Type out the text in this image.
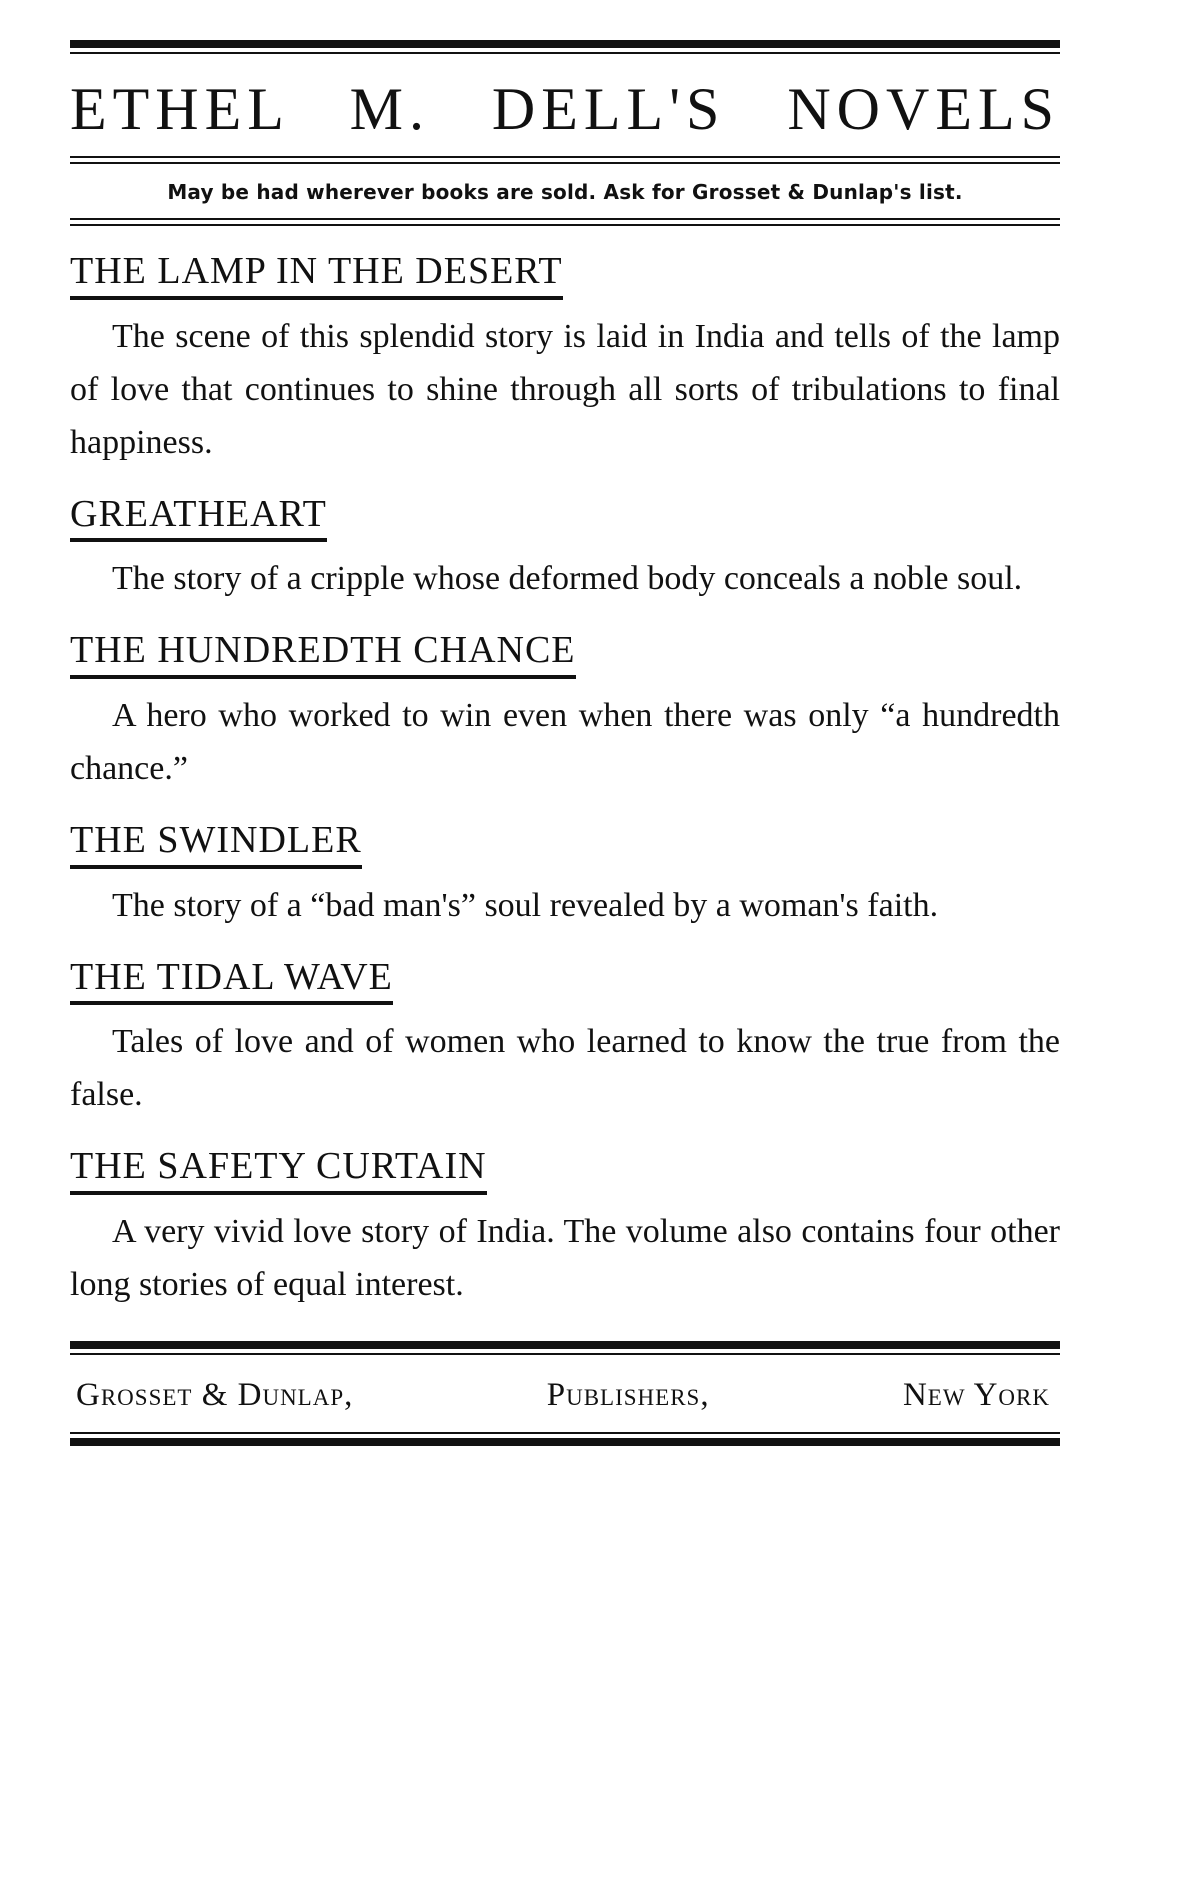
ETHEL M. DELL'S NOVELS
May be had wherever books are sold. Ask for Grosset & Dunlap's list.
THE LAMP IN THE DESERT

The scene of this splendid story is laid in India and tells of the lamp of love that continues to shine through all sorts of tribulations to final happiness.

GREATHEART

The story of a cripple whose deformed body conceals a noble soul.

THE HUNDREDTH CHANCE

A hero who worked to win even when there was only “a hundredth chance.”

THE SWINDLER

The story of a “bad man's” soul revealed by a woman's faith.

THE TIDAL WAVE

Tales of love and of women who learned to know the true from the false.

THE SAFETY CURTAIN

A very vivid love story of India. The volume also contains four other long stories of equal interest.

Grosset & Dunlap,	Publishers,	New York
